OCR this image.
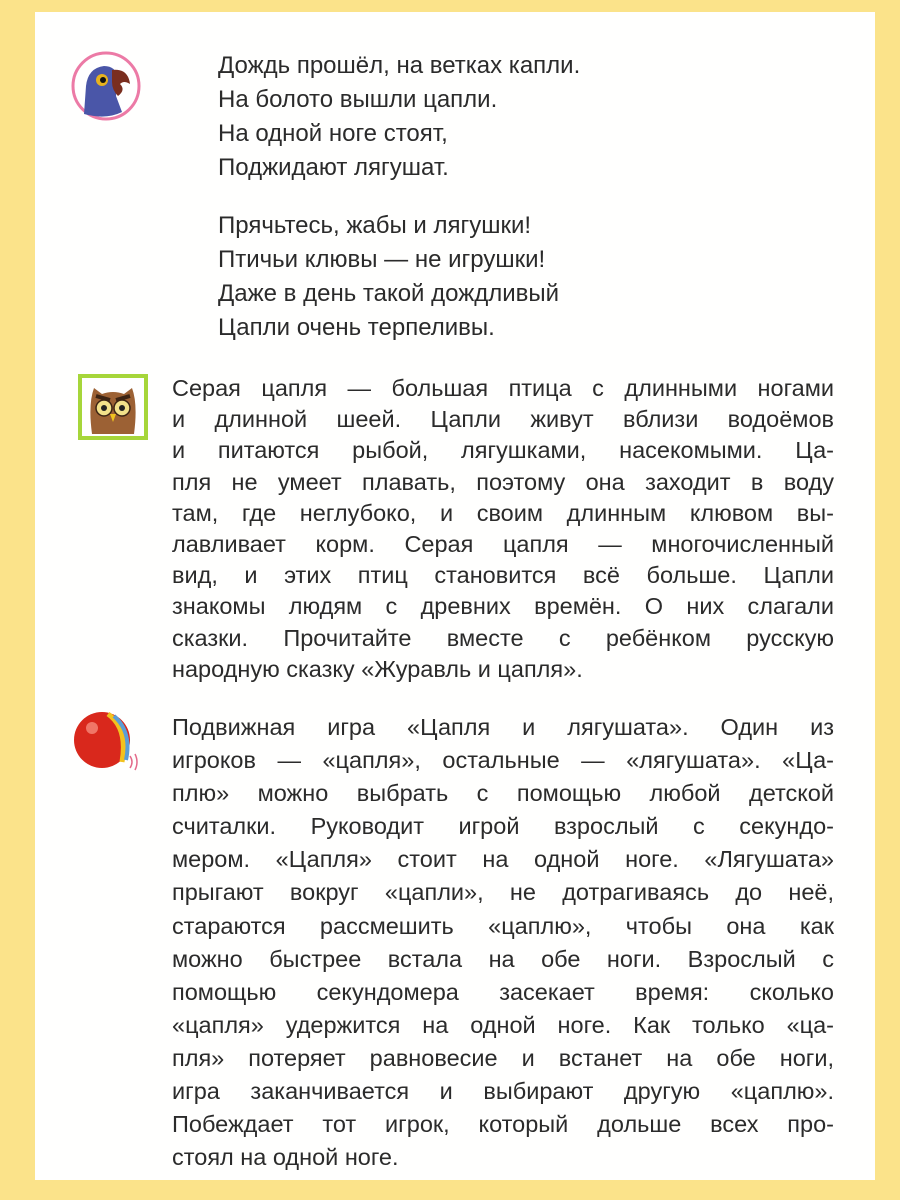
Дождь прошёл, на ветках капли.
На болото вышли цапли.
На одной ноге стоят,
Поджидают лягушат.
Прячьтесь, жабы и лягушки!
Птичьи клювы — не игрушки!
Даже в день такой дождливый
Цапли очень терпеливы.
Серая цапля — большая птица с длинными ногами
и длинной шеей. Цапли живут вблизи водоёмов
и питаются рыбой, лягушками, насекомыми. Ца-
пля не умеет плавать, поэтому она заходит в воду
там, где неглубоко, и своим длинным клювом вы-
лавливает корм. Серая цапля — многочисленный
вид, и этих птиц становится всё больше. Цапли
знакомы людям с древних времён. О них слагали
сказки. Прочитайте вместе с ребёнком русскую
народную сказку «Журавль и цапля».
Подвижная игра «Цапля и лягушата». Один из
игроков — «цапля», остальные — «лягушата». «Ца-
плю» можно выбрать с помощью любой детской
считалки. Руководит игрой взрослый с секундо-
мером. «Цапля» стоит на одной ноге. «Лягушата»
прыгают вокруг «цапли», не дотрагиваясь до неё,
стараются рассмешить «цаплю», чтобы она как
можно быстрее встала на обе ноги. Взрослый с
помощью секундомера засекает время: сколько
«цапля» удержится на одной ноге. Как только «ца-
пля» потеряет равновесие и встанет на обе ноги,
игра заканчивается и выбирают другую «цаплю».
Побеждает тот игрок, который дольше всех про-
стоял на одной ноге.
